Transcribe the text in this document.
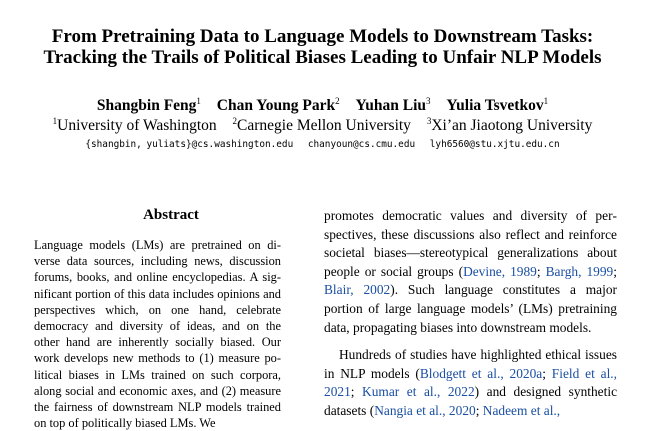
From Pretraining Data to Language Models to Downstream Tasks:
Tracking the Trails of Political Biases Leading to Unfair NLP Models
Shangbin Feng$^1$ Chan Young Park$^2$ Yuhan Liu$^3$ Yulia Tsvetkov$^1$
$^1$University of Washington $^2$Carnegie Mellon University $^3$Xi’an Jiaotong University
{shangbin, yuliats}@cs.washington.edu chanyoun@cs.cmu.edu lyh6560@stu.xjtu.edu.cn
Abstract
Language models (LMs) are pretrained on diverse data sources, including news, discussion forums, books, and online encyclopedias. A significant portion of this data includes opinions and perspectives which, on one hand, celebrate democracy and diversity of ideas, and on the other hand are inherently socially biased. Our work develops new methods to (1) measure political biases in LMs trained on such corpora, along social and economic axes, and (2) measure the fairness of downstream NLP models trained on top of politically biased LMs. We

promotes democratic values and diversity of perspectives, these discussions also reflect and reinforce societal biases—stereotypical generalizations about people or social groups (Devine, 1989; Bargh, 1999; Blair, 2002). Such language constitutes a major portion of large language models’ (LMs) pretraining data, propagating biases into downstream models.

Hundreds of studies have highlighted ethical issues in NLP models (Blodgett et al., 2020a; Field et al., 2021; Kumar et al., 2022) and designed synthetic datasets (Nangia et al., 2020; Nadeem et al.,
